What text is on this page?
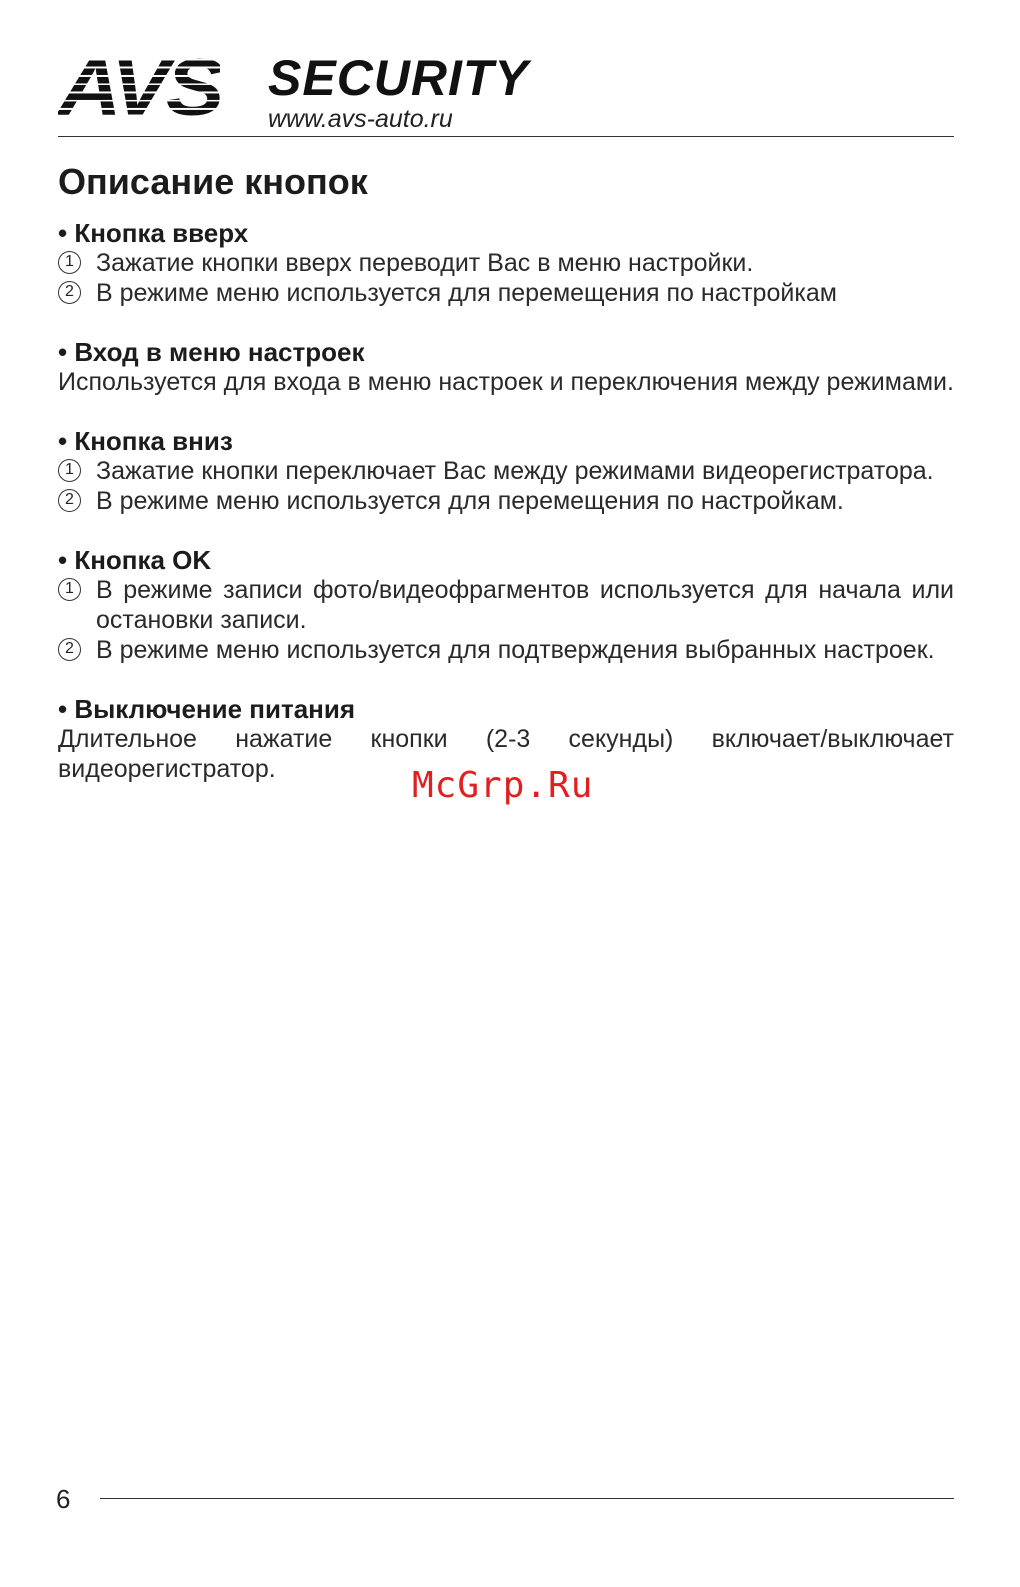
AVS SECURITY
www.avs-auto.ru
Описание кнопок
• Кнопка вверх
1 Зажатие кнопки вверх переводит Вас в меню настройки.
2 В режиме меню используется для перемещения по настройкам
• Вход в меню настроек
Используется для входа в меню настроек и переключения между режимами.
• Кнопка вниз
1 Зажатие кнопки переключает Вас между режимами видеорегистратора.
2 В режиме меню используется для перемещения по настройкам.
• Кнопка OK
1 В режиме записи фото/видеофрагментов используется для начала или остановки записи.
2 В режиме меню используется для подтверждения выбранных настроек.
• Выключение питания
Длительное нажатие кнопки (2-3 секунды) включает/выключает видеорегистратор.	McGrp.Ru
6
